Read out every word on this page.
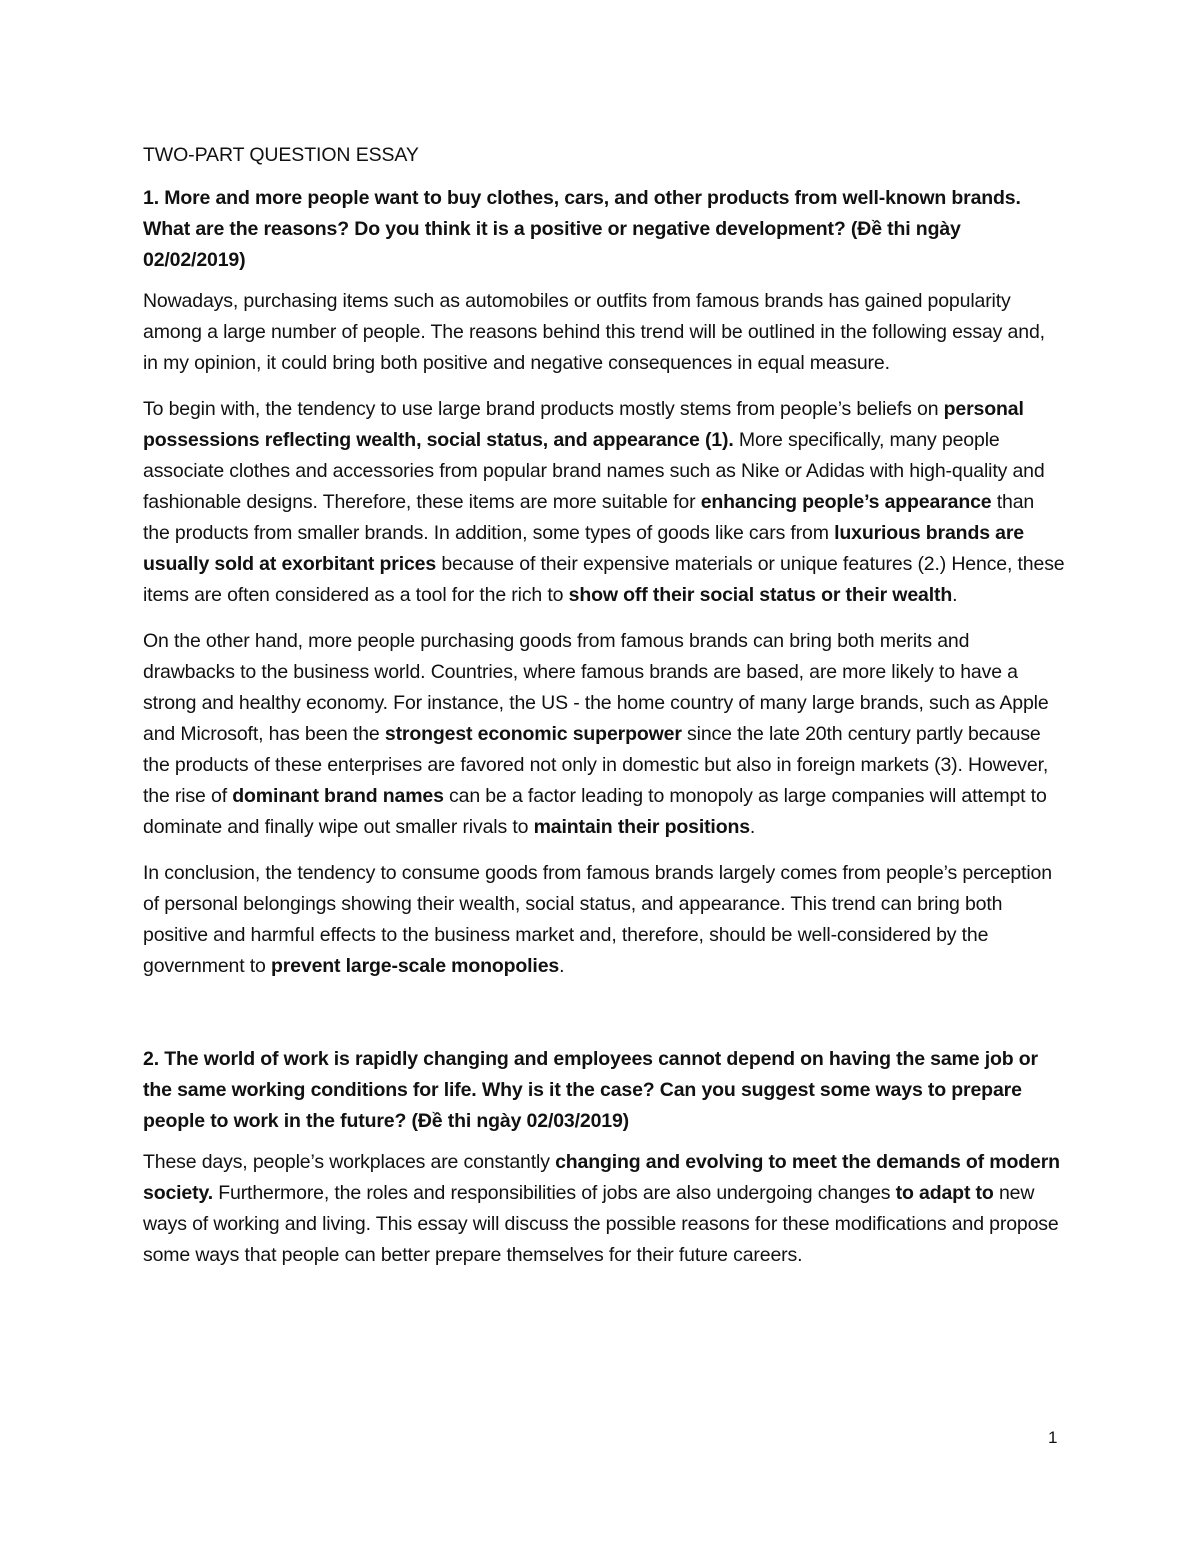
TWO-PART QUESTION ESSAY

1. More and more people want to buy clothes, cars, and other products from well-known brands. What are the reasons? Do you think it is a positive or negative development? (Đề thi ngày 02/02/2019)

Nowadays, purchasing items such as automobiles or outfits from famous brands has gained popularity among a large number of people. The reasons behind this trend will be outlined in the following essay and, in my opinion, it could bring both positive and negative consequences in equal measure.

To begin with, the tendency to use large brand products mostly stems from people’s beliefs on personal possessions reflecting wealth, social status, and appearance (1). More specifically, many people associate clothes and accessories from popular brand names such as Nike or Adidas with high-quality and fashionable designs. Therefore, these items are more suitable for enhancing people’s appearance than the products from smaller brands. In addition, some types of goods like cars from luxurious brands are usually sold at exorbitant prices because of their expensive materials or unique features (2.) Hence, these items are often considered as a tool for the rich to show off their social status or their wealth.

On the other hand, more people purchasing goods from famous brands can bring both merits and drawbacks to the business world. Countries, where famous brands are based, are more likely to have a strong and healthy economy. For instance, the US - the home country of many large brands, such as Apple and Microsoft, has been the strongest economic superpower since the late 20th century partly because the products of these enterprises are favored not only in domestic but also in foreign markets (3). However, the rise of dominant brand names can be a factor leading to monopoly as large companies will attempt to dominate and finally wipe out smaller rivals to maintain their positions.

In conclusion, the tendency to consume goods from famous brands largely comes from people’s perception of personal belongings showing their wealth, social status, and appearance. This trend can bring both positive and harmful effects to the business market and, therefore, should be well-considered by the government to prevent large-scale monopolies.

2. The world of work is rapidly changing and employees cannot depend on having the same job or the same working conditions for life. Why is it the case? Can you suggest some ways to prepare people to work in the future? (Đề thi ngày 02/03/2019)

These days, people’s workplaces are constantly changing and evolving to meet the demands of modern society. Furthermore, the roles and responsibilities of jobs are also undergoing changes to adapt to new ways of working and living. This essay will discuss the possible reasons for these modifications and propose some ways that people can better prepare themselves for their future careers.

1
